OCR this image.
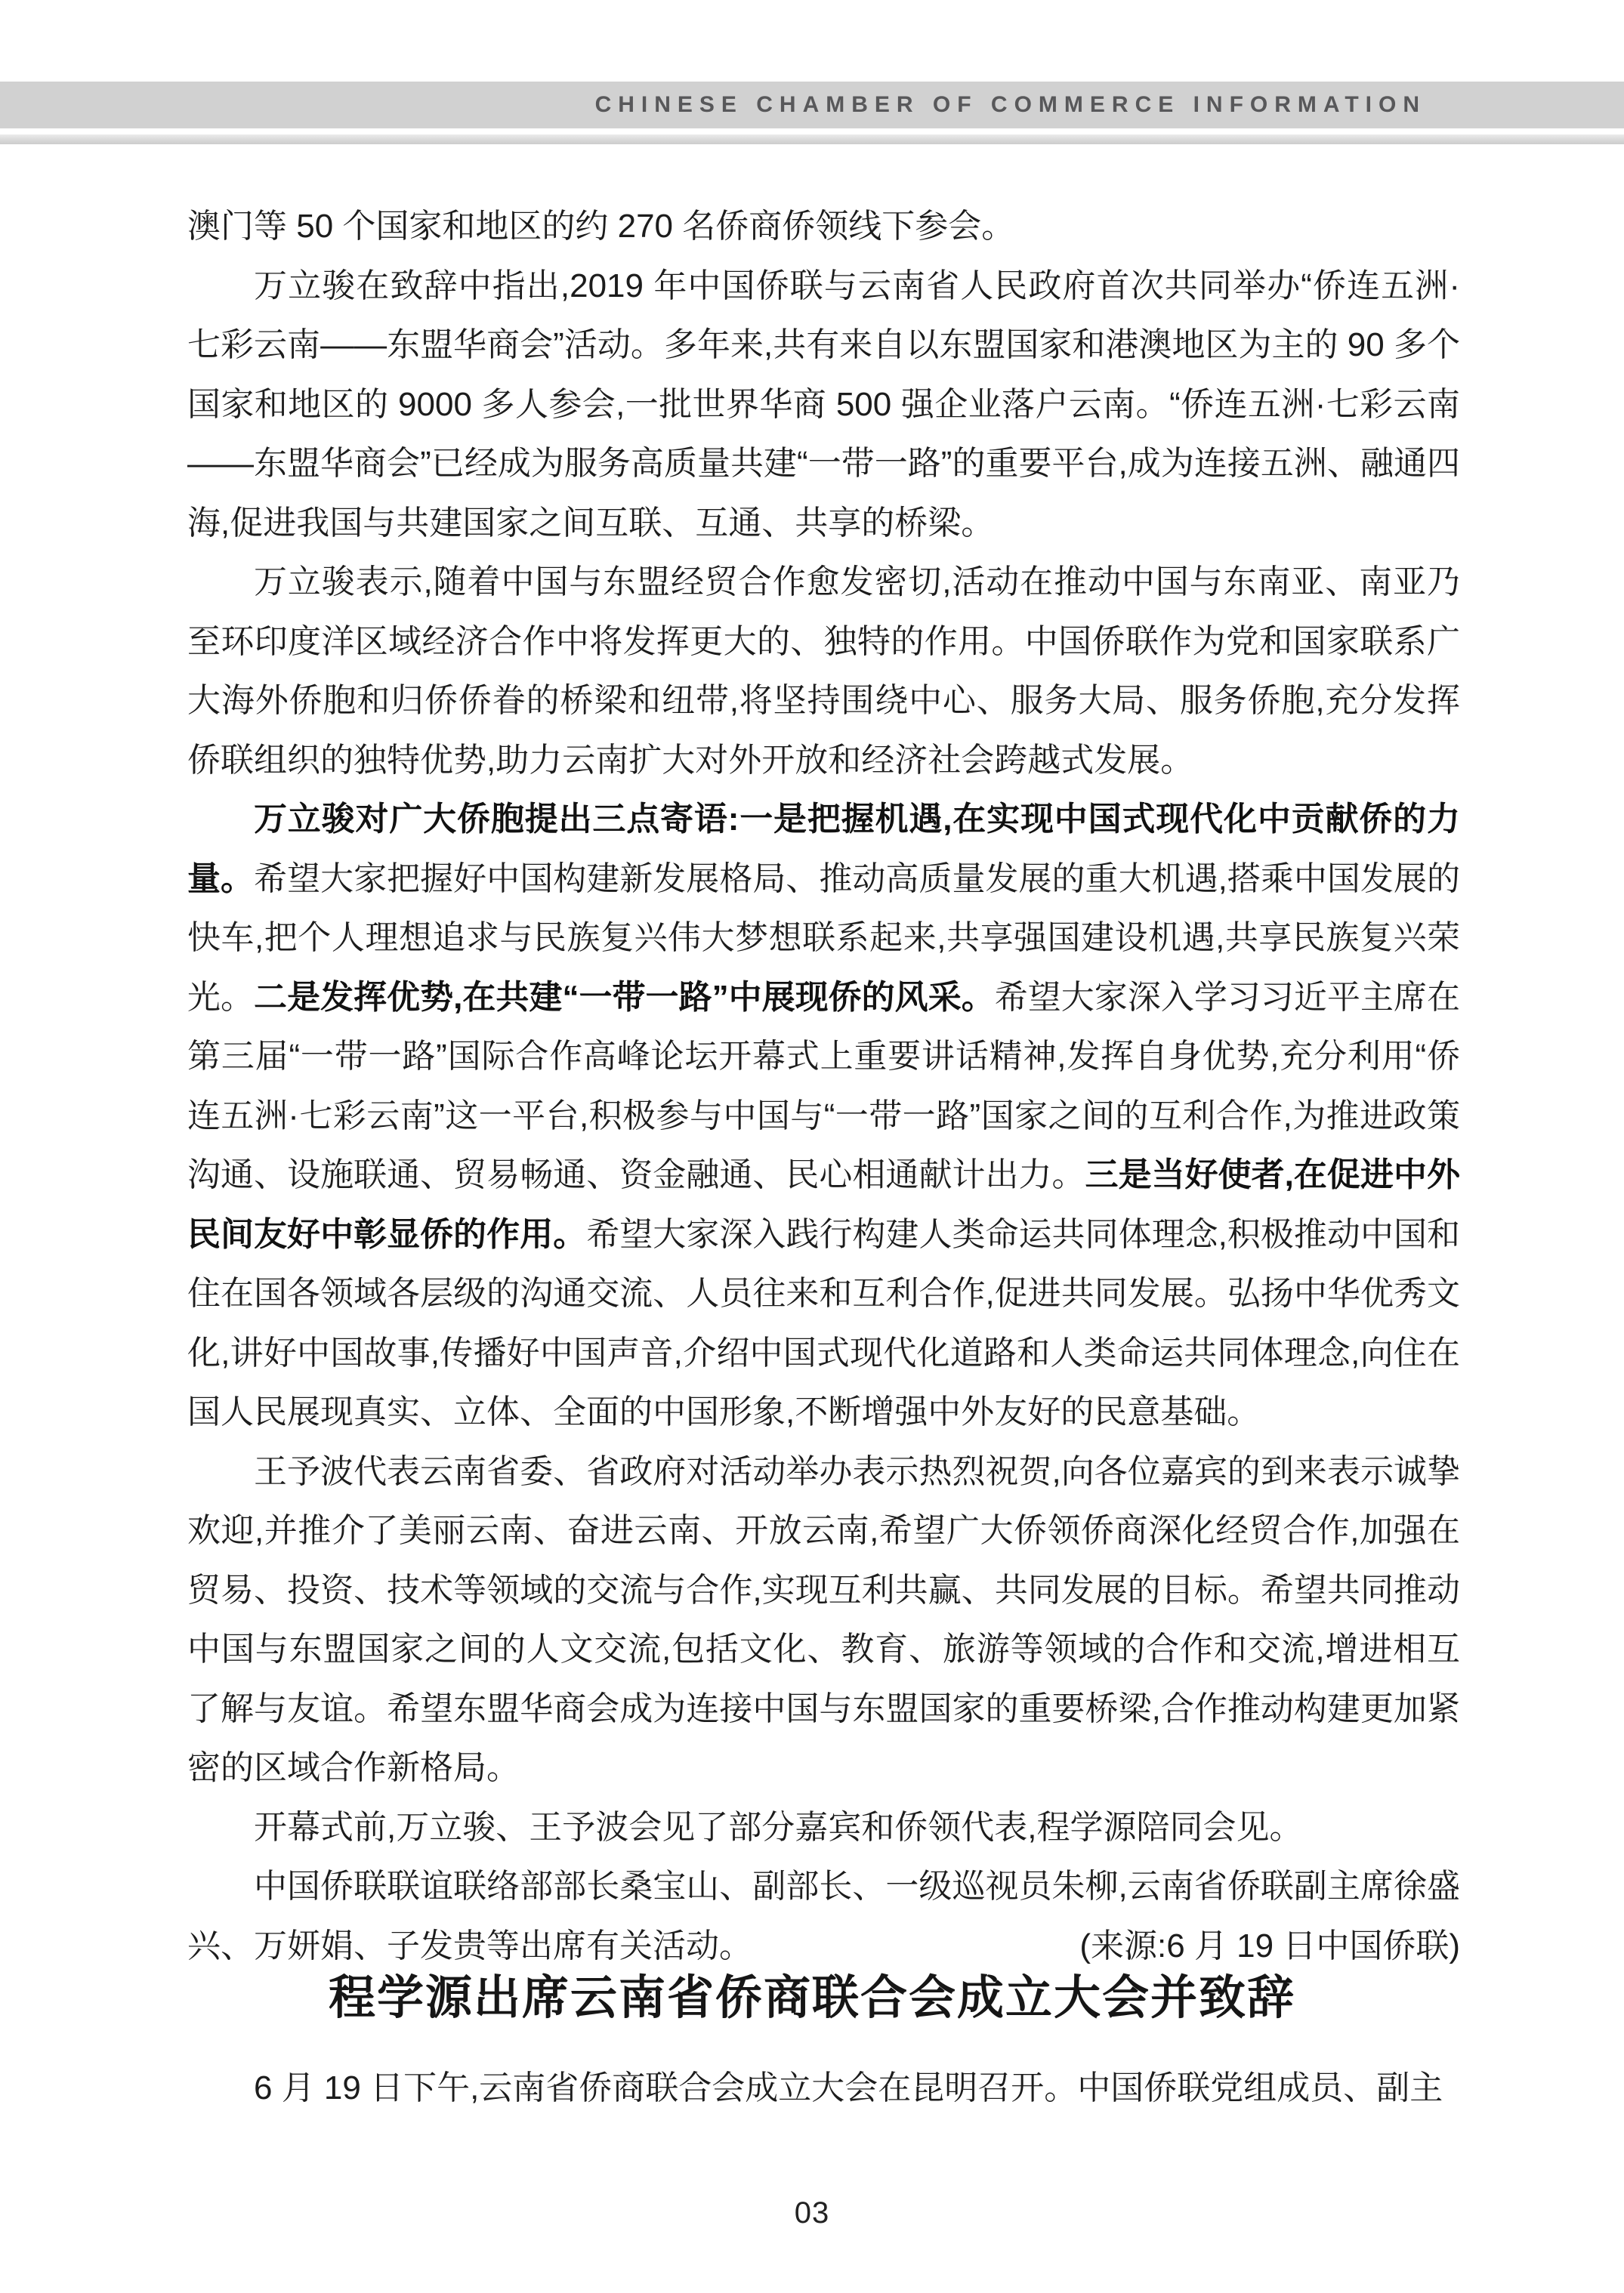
CHINESE CHAMBER OF COMMERCE INFORMATION

澳门等 50 个国家和地区的约 270 名侨商侨领线下参会。

万立骏在致辞中指出,2019 年中国侨联与云南省人民政府首次共同举办“侨连五洲·七彩云南——东盟华商会”活动。多年来,共有来自以东盟国家和港澳地区为主的 90 多个国家和地区的 9000 多人参会,一批世界华商 500 强企业落户云南。“侨连五洲·七彩云南——东盟华商会”已经成为服务高质量共建“一带一路”的重要平台,成为连接五洲、融通四海,促进我国与共建国家之间互联、互通、共享的桥梁。

万立骏表示,随着中国与东盟经贸合作愈发密切,活动在推动中国与东南亚、南亚乃至环印度洋区域经济合作中将发挥更大的、独特的作用。中国侨联作为党和国家联系广大海外侨胞和归侨侨眷的桥梁和纽带,将坚持围绕中心、服务大局、服务侨胞,充分发挥侨联组织的独特优势,助力云南扩大对外开放和经济社会跨越式发展。

万立骏对广大侨胞提出三点寄语:一是把握机遇,在实现中国式现代化中贡献侨的力量。希望大家把握好中国构建新发展格局、推动高质量发展的重大机遇,搭乘中国发展的快车,把个人理想追求与民族复兴伟大梦想联系起来,共享强国建设机遇,共享民族复兴荣光。二是发挥优势,在共建“一带一路”中展现侨的风采。希望大家深入学习习近平主席在第三届“一带一路”国际合作高峰论坛开幕式上重要讲话精神,发挥自身优势,充分利用“侨连五洲·七彩云南”这一平台,积极参与中国与“一带一路”国家之间的互利合作,为推进政策沟通、设施联通、贸易畅通、资金融通、民心相通献计出力。三是当好使者,在促进中外民间友好中彰显侨的作用。希望大家深入践行构建人类命运共同体理念,积极推动中国和住在国各领域各层级的沟通交流、人员往来和互利合作,促进共同发展。弘扬中华优秀文化,讲好中国故事,传播好中国声音,介绍中国式现代化道路和人类命运共同体理念,向住在国人民展现真实、立体、全面的中国形象,不断增强中外友好的民意基础。

王予波代表云南省委、省政府对活动举办表示热烈祝贺,向各位嘉宾的到来表示诚挚欢迎,并推介了美丽云南、奋进云南、开放云南,希望广大侨领侨商深化经贸合作,加强在贸易、投资、技术等领域的交流与合作,实现互利共赢、共同发展的目标。希望共同推动中国与东盟国家之间的人文交流,包括文化、教育、旅游等领域的合作和交流,增进相互了解与友谊。希望东盟华商会成为连接中国与东盟国家的重要桥梁,合作推动构建更加紧密的区域合作新格局。

开幕式前,万立骏、王予波会见了部分嘉宾和侨领代表,程学源陪同会见。

中国侨联联谊联络部部长桑宝山、副部长、一级巡视员朱柳,云南省侨联副主席徐盛兴、万妍娟、子发贵等出席有关活动。	(来源:6 月 19 日中国侨联)

程学源出席云南省侨商联合会成立大会并致辞

6 月 19 日下午,云南省侨商联合会成立大会在昆明召开。中国侨联党组成员、副主

03
